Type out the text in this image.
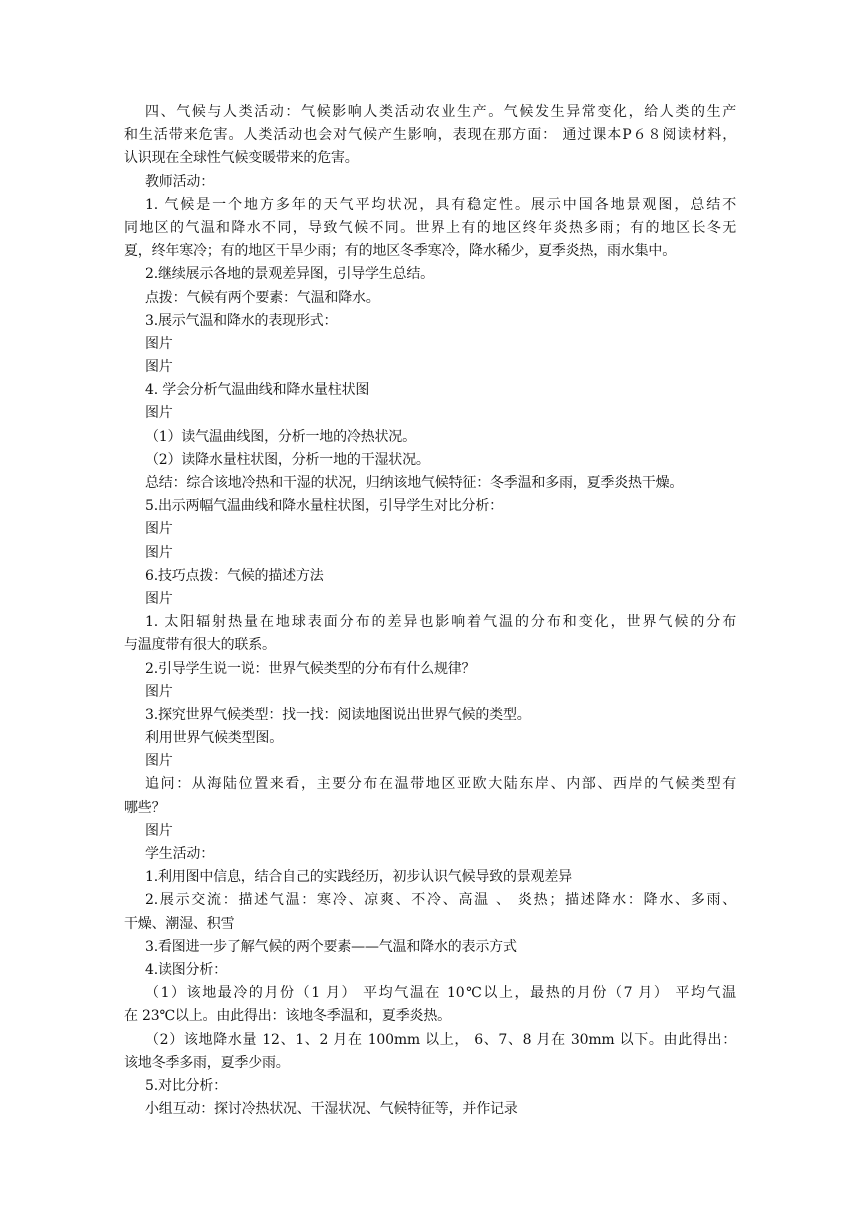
四、气候与人类活动：气候影响人类活动农业生产。气候发生异常变化，给人类的生产
和生活带来危害。人类活动也会对气候产生影响，表现在那方面： 通过课本P６８阅读材料，
认识现在全球性气候变暖带来的危害。
教师活动：
1. 气候是一个地方多年的天气平均状况，具有稳定性。展示中国各地景观图，总结不
同地区的气温和降水不同，导致气候不同。世界上有的地区终年炎热多雨；有的地区长冬无
夏，终年寒冷；有的地区干旱少雨；有的地区冬季寒冷，降水稀少，夏季炎热，雨水集中。
2.继续展示各地的景观差异图，引导学生总结。
点拨：气候有两个要素：气温和降水。
3.展示气温和降水的表现形式：
图片
图片
4. 学会分析气温曲线和降水量柱状图
图片
（1）读气温曲线图，分析一地的冷热状况。
（2）读降水量柱状图，分析一地的干湿状况。
总结：综合该地冷热和干湿的状况，归纳该地气候特征：冬季温和多雨，夏季炎热干燥。
5.出示两幅气温曲线和降水量柱状图，引导学生对比分析：
图片
图片
6.技巧点拨：气候的描述方法
图片
1. 太阳辐射热量在地球表面分布的差异也影响着气温的分布和变化，世界气候的分布
与温度带有很大的联系。
2.引导学生说一说：世界气候类型的分布有什么规律？
图片
3.探究世界气候类型：找一找：阅读地图说出世界气候的类型。
利用世界气候类型图。
图片
追问：从海陆位置来看，主要分布在温带地区亚欧大陆东岸、内部、西岸的气候类型有
哪些？
图片
学生活动：
1.利用图中信息，结合自己的实践经历，初步认识气候导致的景观差异
2.展示交流：描述气温：寒冷、凉爽、不冷、高温 、 炎热；描述降水：降水、多雨、
干燥、潮湿、积雪
3.看图进一步了解气候的两个要素——气温和降水的表示方式
4.读图分析：
（1）该地最冷的月份（1 月） 平均气温在 10℃以上，最热的月份（7 月） 平均气温
在 23℃以上。由此得出：该地冬季温和，夏季炎热。
（2）该地降水量 12、1、2 月在 100mm 以上， 6、7、8 月在 30mm 以下。由此得出：
该地冬季多雨，夏季少雨。
5.对比分析：
小组互动：探讨冷热状况、干湿状况、气候特征等，并作记录
